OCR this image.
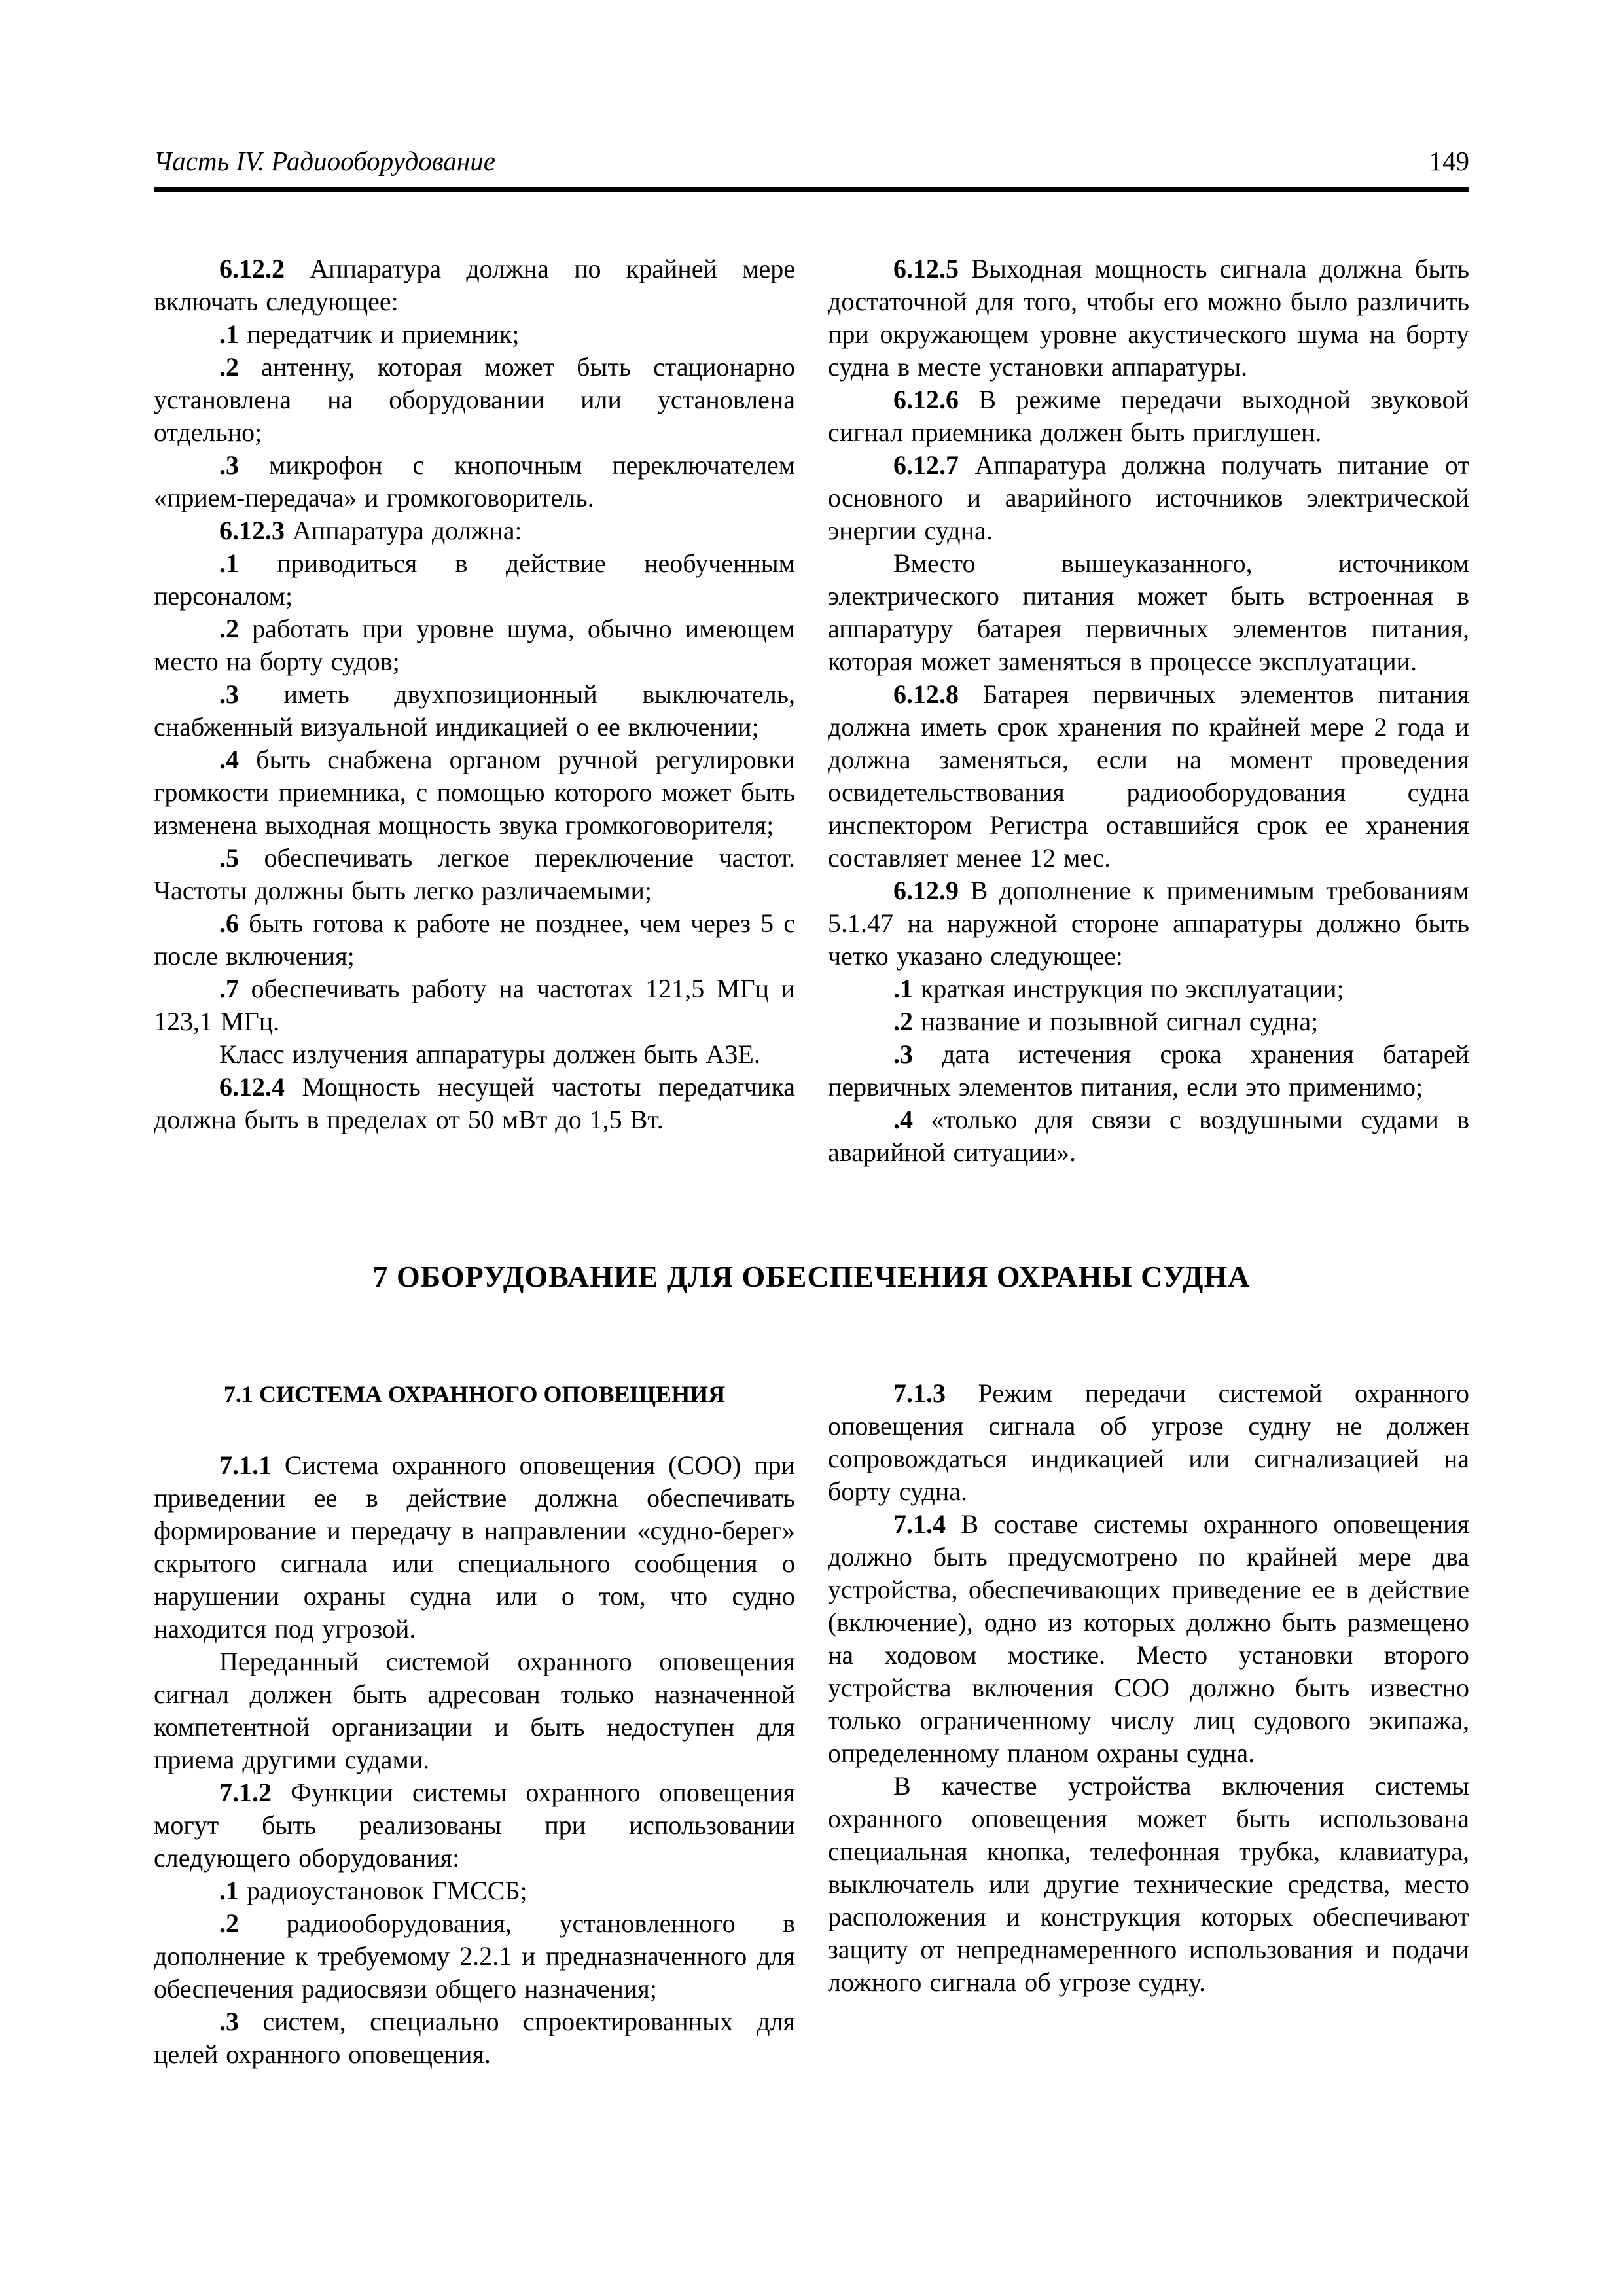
Часть IV. Радиооборудование	149

6.12.2 Аппаратура должна по крайней мере включать следующее:

.1 передатчик и приемник;

.2 антенну, которая может быть стационарно установлена на оборудовании или установлена отдельно;

.3 микрофон с кнопочным переключателем «прием-передача» и громкоговоритель.

6.12.3 Аппаратура должна:

.1 приводиться в действие необученным персоналом;

.2 работать при уровне шума, обычно имеющем место на борту судов;

.3 иметь двухпозиционный выключатель, снабженный визуальной индикацией о ее включении;

.4 быть снабжена органом ручной регулировки громкости приемника, с помощью которого может быть изменена выходная мощность звука громкоговорителя;

.5 обеспечивать легкое переключение частот. Частоты должны быть легко различаемыми;

.6 быть готова к работе не позднее, чем через 5 с после включения;

.7 обеспечивать работу на частотах 121,5 МГц и 123,1 МГц.

Класс излучения аппаратуры должен быть А3Е.

6.12.4 Мощность несущей частоты передатчика должна быть в пределах от 50 мВт до 1,5 Вт.

6.12.5 Выходная мощность сигнала должна быть достаточной для того, чтобы его можно было различить при окружающем уровне акустического шума на борту судна в месте установки аппаратуры.

6.12.6 В режиме передачи выходной звуковой сигнал приемника должен быть приглушен.

6.12.7 Аппаратура должна получать питание от основного и аварийного источников электрической энергии судна.

Вместо вышеуказанного, источником электрического питания может быть встроенная в аппаратуру батарея первичных элементов питания, которая может заменяться в процессе эксплуатации.

6.12.8 Батарея первичных элементов питания должна иметь срок хранения по крайней мере 2 года и должна заменяться, если на момент проведения освидетельствования радиооборудования судна инспектором Регистра оставшийся срок ее хранения составляет менее 12 мес.

6.12.9 В дополнение к применимым требованиям 5.1.47 на наружной стороне аппаратуры должно быть четко указано следующее:

.1 краткая инструкция по эксплуатации;

.2 название и позывной сигнал судна;

.3 дата истечения срока хранения батарей первичных элементов питания, если это применимо;

.4 «только для связи с воздушными судами в аварийной ситуации».

7 ОБОРУДОВАНИЕ ДЛЯ ОБЕСПЕЧЕНИЯ ОХРАНЫ СУДНА
7.1 СИСТЕМА ОХРАННОГО ОПОВЕЩЕНИЯ

7.1.1 Система охранного оповещения (СОО) при приведении ее в действие должна обеспечивать формирование и передачу в направлении «судно-берег» скрытого сигнала или специального сообщения о нарушении охраны судна или о том, что судно находится под угрозой.

Переданный системой охранного оповещения сигнал должен быть адресован только назначенной компетентной организации и быть недоступен для приема другими судами.

7.1.2 Функции системы охранного оповещения могут быть реализованы при использовании следующего оборудования:

.1 радиоустановок ГМССБ;

.2 радиооборудования, установленного в дополнение к требуемому 2.2.1 и предназначенного для обеспечения радиосвязи общего назначения;

.3 систем, специально спроектированных для целей охранного оповещения.

7.1.3 Режим передачи системой охранного оповещения сигнала об угрозе судну не должен сопровождаться индикацией или сигнализацией на борту судна.

7.1.4 В составе системы охранного оповещения должно быть предусмотрено по крайней мере два устройства, обеспечивающих приведение ее в действие (включение), одно из которых должно быть размещено на ходовом мостике. Место установки второго устройства включения СОО должно быть известно только ограниченному числу лиц судового экипажа, определенному планом охраны судна.

В качестве устройства включения системы охранного оповещения может быть использована специальная кнопка, телефонная трубка, клавиатура, выключатель или другие технические средства, место расположения и конструкция которых обеспечивают защиту от непреднамеренного использования и подачи ложного сигнала об угрозе судну.
